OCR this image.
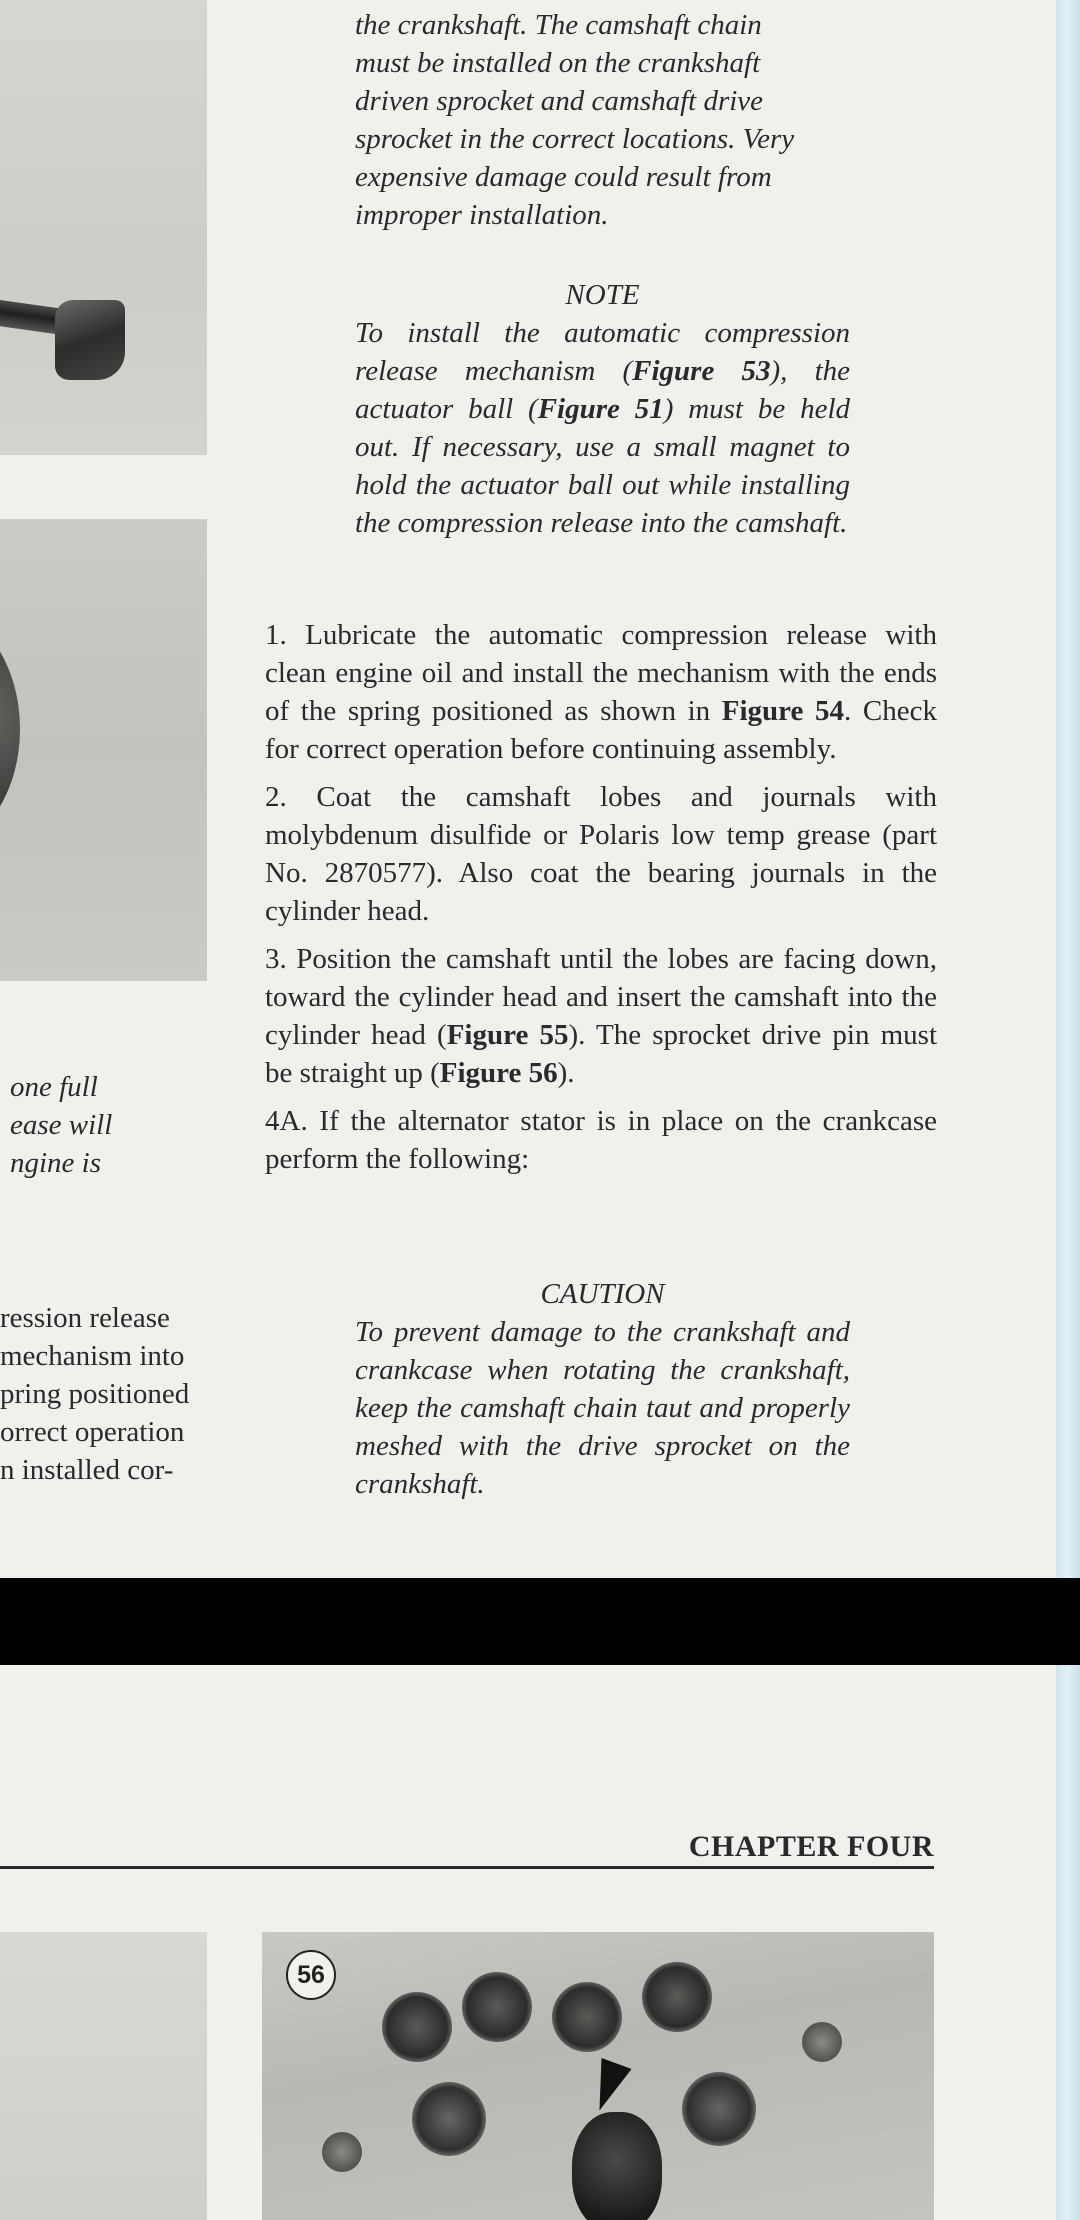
the crankshaft. The camshaft chain
must be installed on the crankshaft
driven sprocket and camshaft drive
sprocket in the correct locations. Very
expensive damage could result from
improper installation.
NOTE
To install the automatic compression release mechanism (Figure 53), the actuator ball (Figure 51) must be held out. If necessary, use a small magnet to hold the actuator ball out while installing the compression release into the camshaft.

1. Lubricate the automatic compression release with clean engine oil and install the mechanism with the ends of the spring positioned as shown in Figure 54. Check for correct operation before continuing assembly.

2. Coat the camshaft lobes and journals with molybdenum disulfide or Polaris low temp grease (part No. 2870577). Also coat the bearing journals in the cylinder head.

3. Position the camshaft until the lobes are facing down, toward the cylinder head and insert the camshaft into the cylinder head (Figure 55). The sprocket drive pin must be straight up (Figure 56).

4A. If the alternator stator is in place on the crankcase perform the following:

CAUTION
To prevent damage to the crankshaft and crankcase when rotating the crankshaft, keep the camshaft chain taut and properly meshed with the drive sprocket on the crankshaft.
one full
ease will
ngine is
ression release
mechanism into
pring positioned
orrect operation
n installed cor-
CHAPTER FOUR
56
